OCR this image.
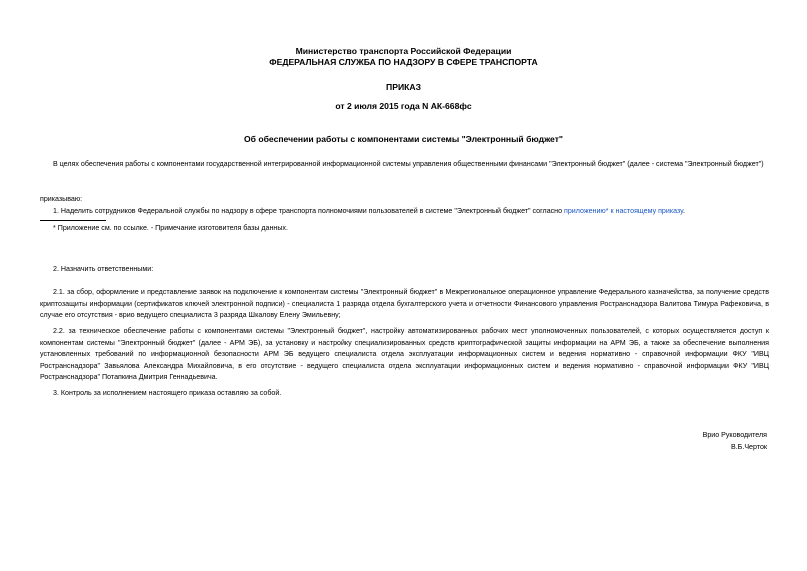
Министерство транспорта Российской Федерации
ФЕДЕРАЛЬНАЯ СЛУЖБА ПО НАДЗОРУ В СФЕРЕ ТРАНСПОРТА
ПРИКАЗ
от 2 июля 2015 года N АК-668фс
Об обеспечении работы с компонентами системы "Электронный бюджет"

В целях обеспечения работы с компонентами государственной интегрированной информационной системы управления общественными финансами "Электронный бюджет" (далее - система "Электронный бюджет")

приказываю:

1. Наделить сотрудников Федеральной службы по надзору в сфере транспорта полномочиями пользователей в системе "Электронный бюджет" согласно приложению* к настоящему приказу.

* Приложение см. по ссылке. - Примечание изготовителя базы данных.

2. Назначить ответственными:

2.1. за сбор, оформление и представление заявок на подключение к компонентам системы "Электронный бюджет" в Межрегиональное операционное управление Федерального казначейства, за получение средств криптозащиты информации (сертификатов ключей электронной подписи) - специалиста 1 разряда отдела бухгалтерского учета и отчетности Финансового управления Ространснадзора Валитова Тимура Рафековича, в случае его отсутствия - врио ведущего специалиста 3 разряда Шкалову Елену Эмильевну;

2.2. за техническое обеспечение работы с компонентами системы "Электронный бюджет", настройку автоматизированных рабочих мест уполномоченных пользователей, с которых осуществляется доступ к компонентам системы "Электронный бюджет" (далее - АРМ ЭБ), за установку и настройку специализированных средств криптографической защиты информации на АРМ ЭБ, а также за обеспечение выполнения установленных требований по информационной безопасности АРМ ЭБ ведущего специалиста отдела эксплуатации информационных систем и ведения нормативно - справочной информации ФКУ "ИВЦ Ространснадзора" Завьялова Александра Михайловича, в его отсутствие - ведущего специалиста отдела эксплуатации информационных систем и ведения нормативно - справочной информации ФКУ "ИВЦ Ространснадзора" Потапкина Дмитрия Геннадьевича.

3. Контроль за исполнением настоящего приказа оставляю за собой.

Врио Руководителя
В.Б.Черток
